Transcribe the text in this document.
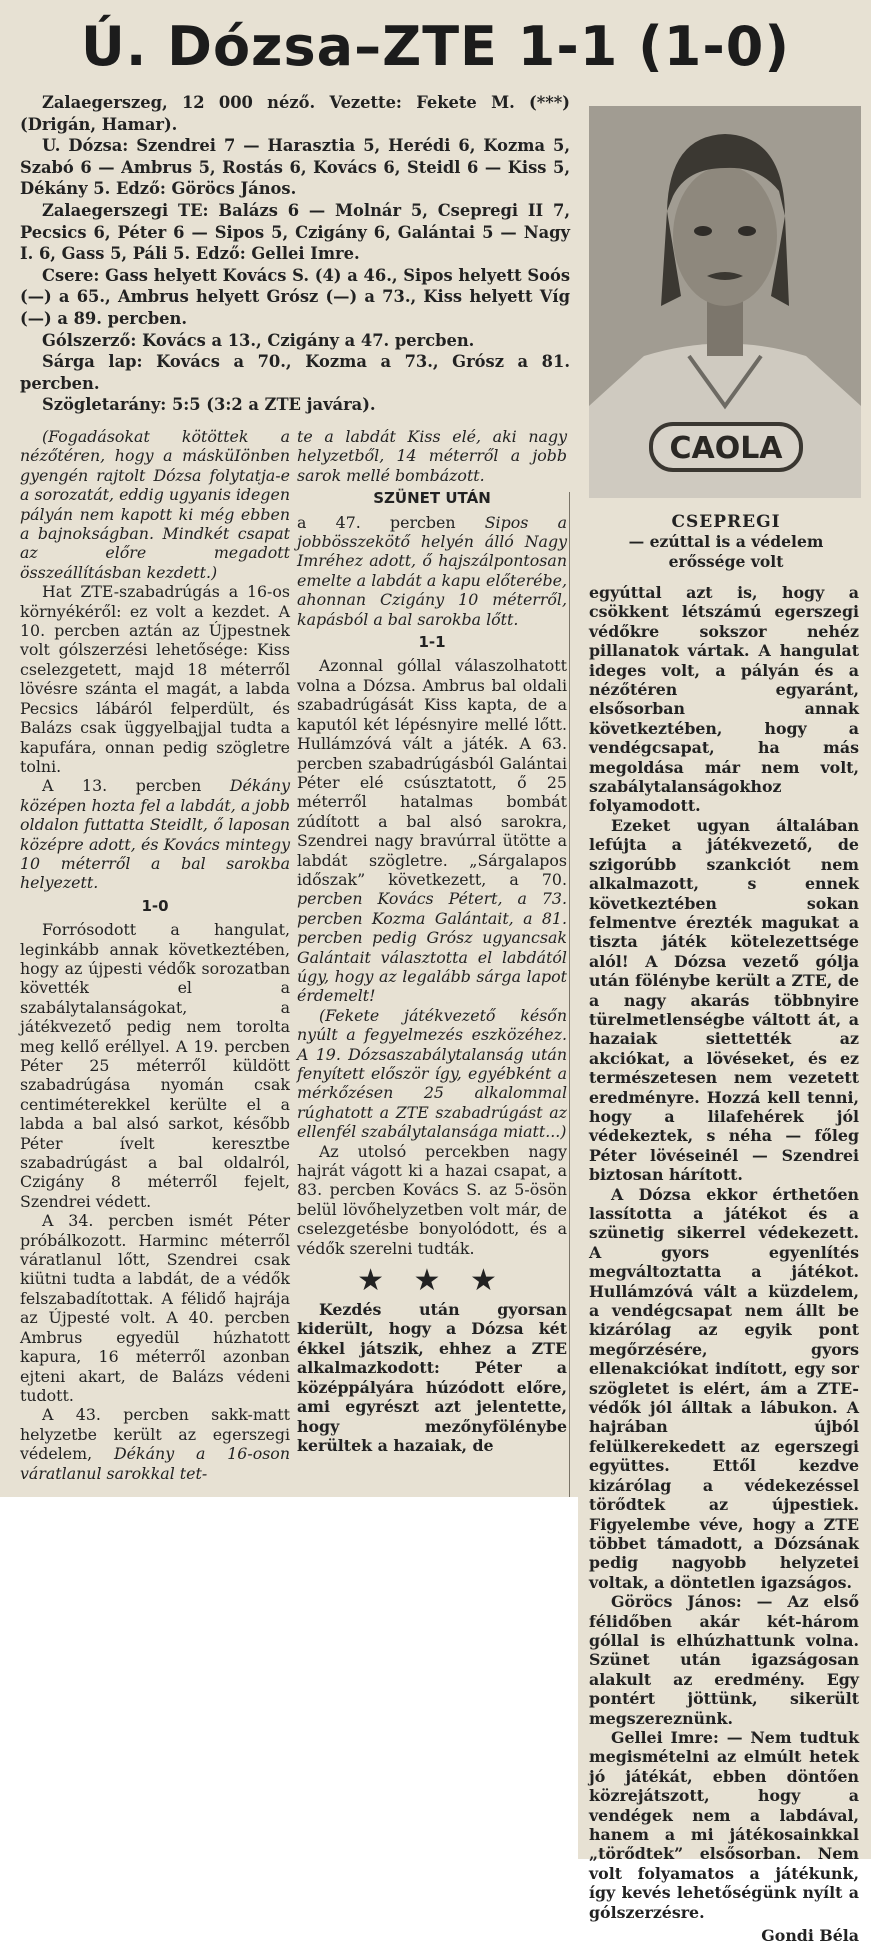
Ú. Dózsa–ZTE 1-1 (1-0)

Zalaegerszeg, 12 000 néző. Vezette: Fekete M. (***) (Drigán, Hamar).

U. Dózsa: Szendrei 7 — Harasztia 5, Herédi 6, Kozma 5, Szabó 6 — Ambrus 5, Rostás 6, Kovács 6, Steidl 6 — Kiss 5, Dékány 5. Edző: Göröcs János.

Zalaegerszegi TE: Balázs 6 — Molnár 5, Csepregi II 7, Pecsics 6, Péter 6 — Sipos 5, Czigány 6, Galántai 5 — Nagy I. 6, Gass 5, Páli 5. Edző: Gellei Imre.

Csere: Gass helyett Kovács S. (4) a 46., Sipos helyett Soós (—) a 65., Ambrus helyett Grósz (—) a 73., Kiss helyett Víg (—) a 89. percben.

Gólszerző: Kovács a 13., Czigány a 47. percben.

Sárga lap: Kovács a 70., Kozma a 73., Grósz a 81. percben.

Szögletarány: 5:5 (3:2 a ZTE javára).

CAOLA
CSEPREGI
— ezúttal is a védelem erőssége volt

(Fogadásokat kötöttek a nézőtéren, hogy a másküIönben gyengén rajtolt Dózsa folytatja-e a sorozatát, eddig ugyanis idegen pályán nem kapott ki még ebben a bajnokságban. Mindkét csapat az előre megadott összeállításban kezdett.)

Hat ZTE-szabadrúgás a 16-os környékéről: ez volt a kezdet. A 10. percben aztán az Újpestnek volt gólszerzési lehetősége: Kiss cselezgetett, majd 18 méterről lövésre szánta el magát, a labda Pecsics lábáról felperdült, és Balázs csak üggyelbajjal tudta a kapufára, onnan pedig szögletre tolni.

A 13. percben Dékány középen hozta fel a labdát, a jobb oldalon futtatta Steidlt, ő laposan középre adott, és Kovács mintegy 10 méterről a bal sarokba helyezett.

1-0

Forrósodott a hangulat, leginkább annak következtében, hogy az újpesti védők sorozatban követték el a szabálytalanságokat, a játékvezető pedig nem torolta meg kellő eréllyel. A 19. percben Péter 25 méterről küldött szabadrúgása nyomán csak centiméterekkel kerülte el a labda a bal alsó sarkot, később Péter ívelt keresztbe szabadrúgást a bal oldalról, Czigány 8 méterről fejelt, Szendrei védett.

A 34. percben ismét Péter próbálkozott. Harminc méterről váratlanul lőtt, Szendrei csak kiütni tudta a labdát, de a védők felszabadítottak. A félidő hajrája az Újpesté volt. A 40. percben Ambrus egyedül húzhatott kapura, 16 méterről azonban ejteni akart, de Balázs védeni tudott.

A 43. percben sakk-matt helyzetbe került az egerszegi védelem, Dékány a 16-oson váratlanul sarokkal tet-

te a labdát Kiss elé, aki nagy helyzetből, 14 méterről a jobb sarok mellé bombázott.

SZÜNET UTÁN

a 47. percben Sipos a jobbösszekötő helyén álló Nagy Imréhez adott, ő hajszálpontosan emelte a labdát a kapu előterébe, ahonnan Czigány 10 méterről, kapásból a bal sarokba lőtt.

1-1

Azonnal góllal válaszolhatott volna a Dózsa. Ambrus bal oldali szabadrúgását Kiss kapta, de a kaputól két lépésnyire mellé lőtt. Hullámzóvá vált a játék. A 63. percben szabadrúgásból Galántai Péter elé csúsztatott, ő 25 méterről hatalmas bombát zúdított a bal alsó sarokra, Szendrei nagy bravúrral ütötte a labdát szögletre. „Sárgalapos időszak” következett, a 70. percben Kovács Pétert, a 73. percben Kozma Galántait, a 81. percben pedig Grósz ugyancsak Galántait választotta el labdától úgy, hogy az legalább sárga lapot érdemelt!

(Fekete játékvezető későn nyúlt a fegyelmezés eszközéhez. A 19. Dózsaszabálytalanság után fenyített először így, egyébként a mérkőzésen 25 alkalommal rúghatott a ZTE szabadrúgást az ellenfél szabálytalansága miatt...)

Az utolsó percekben nagy hajrát vágott ki a hazai csapat, a 83. percben Kovács S. az 5-ösön belül lövőhelyzetben volt már, de cselezgetésbe bonyolódott, és a védők szerelni tudták.

★ ★ ★

Kezdés után gyorsan kiderült, hogy a Dózsa két ékkel játszik, ehhez a ZTE alkalmazkodott: Péter a középpályára húzódott előre, ami egyrészt azt jelentette, hogy mezőnyfölénybe kerültek a hazaiak, de

egyúttal azt is, hogy a csökkent létszámú egerszegi védőkre sokszor nehéz pillanatok vártak. A hangulat ideges volt, a pályán és a nézőtéren egyaránt, elsősorban annak következtében, hogy a vendégcsapat, ha más megoldása már nem volt, szabálytalanságokhoz folyamodott.

Ezeket ugyan általában lefújta a játékvezető, de szigorúbb szankciót nem alkalmazott, s ennek következtében sokan felmentve érezték magukat a tiszta játék kötelezettsége alól! A Dózsa vezető gólja után fölénybe került a ZTE, de a nagy akarás többnyire türelmetlenségbe váltott át, a hazaiak siettették az akciókat, a lövéseket, és ez természetesen nem vezetett eredményre. Hozzá kell tenni, hogy a lilafehérek jól védekeztek, s néha — főleg Péter lövéseinél — Szendrei biztosan hárított.

A Dózsa ekkor érthetően lassította a játékot és a szünetig sikerrel védekezett. A gyors egyenlítés megváltoztatta a játékot. Hullámzóvá vált a küzdelem, a vendégcsapat nem állt be kizárólag az egyik pont megőrzésére, gyors ellenakciókat indított, egy sor szögletet is elért, ám a ZTE-védők jól álltak a lábukon. A hajrában újból felülkerekedett az egerszegi együttes. Ettől kezdve kizárólag a védekezéssel törődtek az újpestiek. Figyelembe véve, hogy a ZTE többet támadott, a Dózsának pedig nagyobb helyzetei voltak, a döntetlen igazságos.

Göröcs János: — Az első félidőben akár két-három góllal is elhúzhattunk volna. Szünet után igazságosan alakult az eredmény. Egy pontért jöttünk, sikerült megszereznünk.

Gellei Imre: — Nem tudtuk megismételni az elmúlt hetek jó játékát, ebben döntően közrejátszott, hogy a vendégek nem a labdával, hanem a mi játékosainkkal „törődtek” elsősorban. Nem volt folyamatos a játékunk, így kevés lehetőségünk nyílt a gólszerzésre.

Gondi Béla
